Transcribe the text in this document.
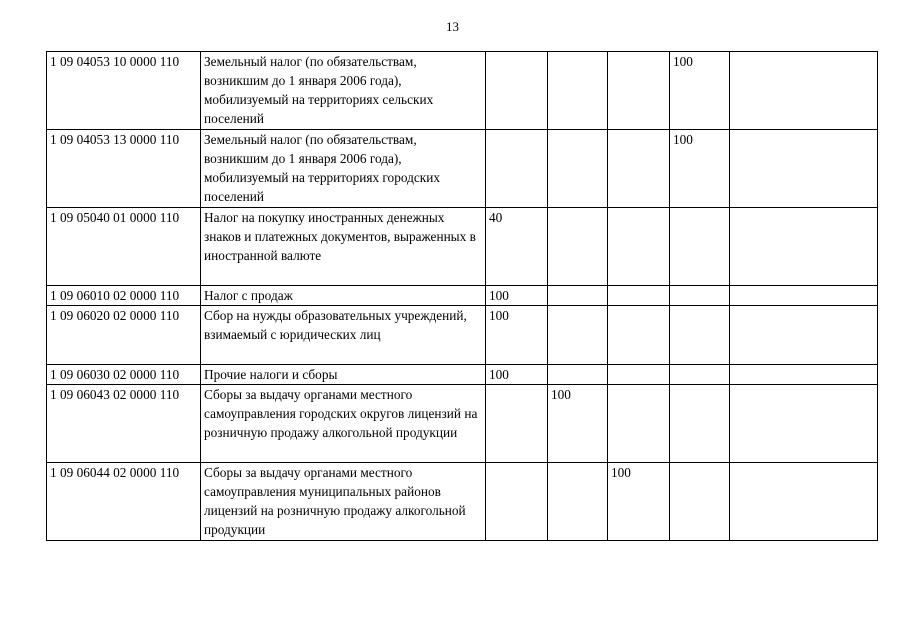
13
1 09 04053 10 0000 110	Земельный налог (по обязательствам, возникшим до 1 января 2006 года), мобилизуемый на территориях сельских поселений				100	
1 09 04053 13 0000 110	Земельный налог (по обязательствам, возникшим до 1 января 2006 года), мобилизуемый на территориях городских поселений				100	
1 09 05040 01 0000 110	Налог на покупку иностранных денежных знаков и платежных документов, выраженных в иностранной валюте	40				
1 09 06010 02 0000 110	Налог с продаж	100				
1 09 06020 02 0000 110	Сбор на нужды образовательных учреждений, взимаемый с юридических лиц	100				
1 09 06030 02 0000 110	Прочие налоги и сборы	100				
1 09 06043 02 0000 110	Сборы за выдачу органами местного самоуправления городских округов лицензий на розничную продажу алкогольной продукции		100			
1 09 06044 02 0000 110	Сборы за выдачу органами местного самоуправления муниципальных районов лицензий на розничную продажу алкогольной продукции			100		
